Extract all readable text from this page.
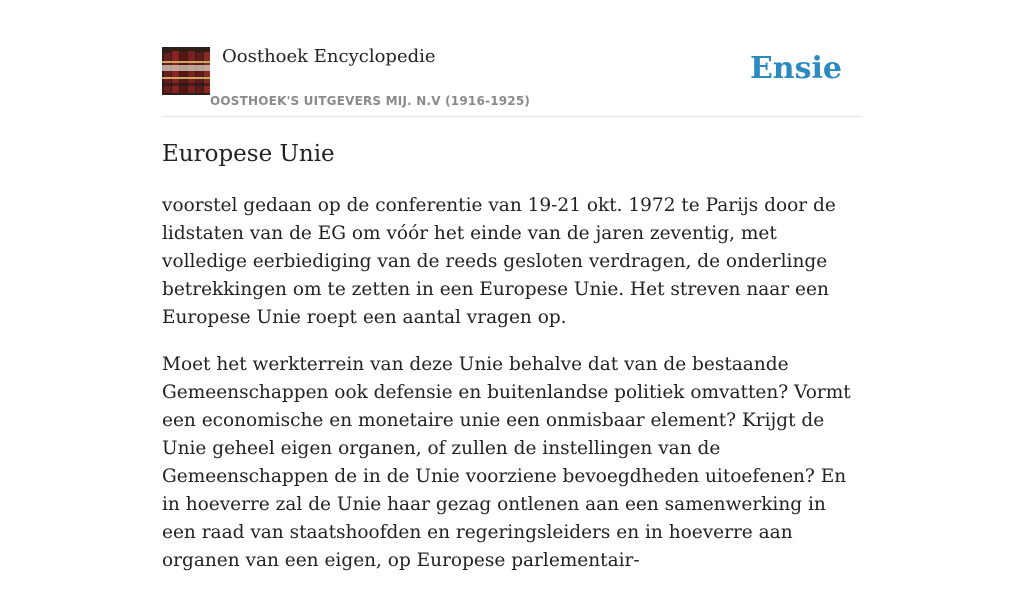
Oosthoek Encyclopedie
OOSTHOEK'S UITGEVERS MIJ. N.V (1916-1925)
Ensie
Europese Unie

voorstel gedaan op de conferentie van 19-21 okt. 1972 te Parijs door de lidstaten van de EG om vóór het einde van de jaren zeventig, met volledige eerbiediging van de reeds gesloten verdragen, de onderlinge betrekkingen om te zetten in een Europese Unie. Het streven naar een Europese Unie roept een aantal vragen op.

Moet het werkterrein van deze Unie behalve dat van de bestaande Gemeenschappen ook defensie en buitenlandse politiek omvatten? Vormt een economische en monetaire unie een onmisbaar element? Krijgt de Unie geheel eigen organen, of zullen de instellingen van de Gemeenschappen de in de Unie voorziene bevoegdheden uitoefenen? En in hoeverre zal de Unie haar gezag ontlenen aan een samenwerking in een raad van staatshoofden en regeringsleiders en in hoeverre aan organen van een eigen, op Europese parlementair-
